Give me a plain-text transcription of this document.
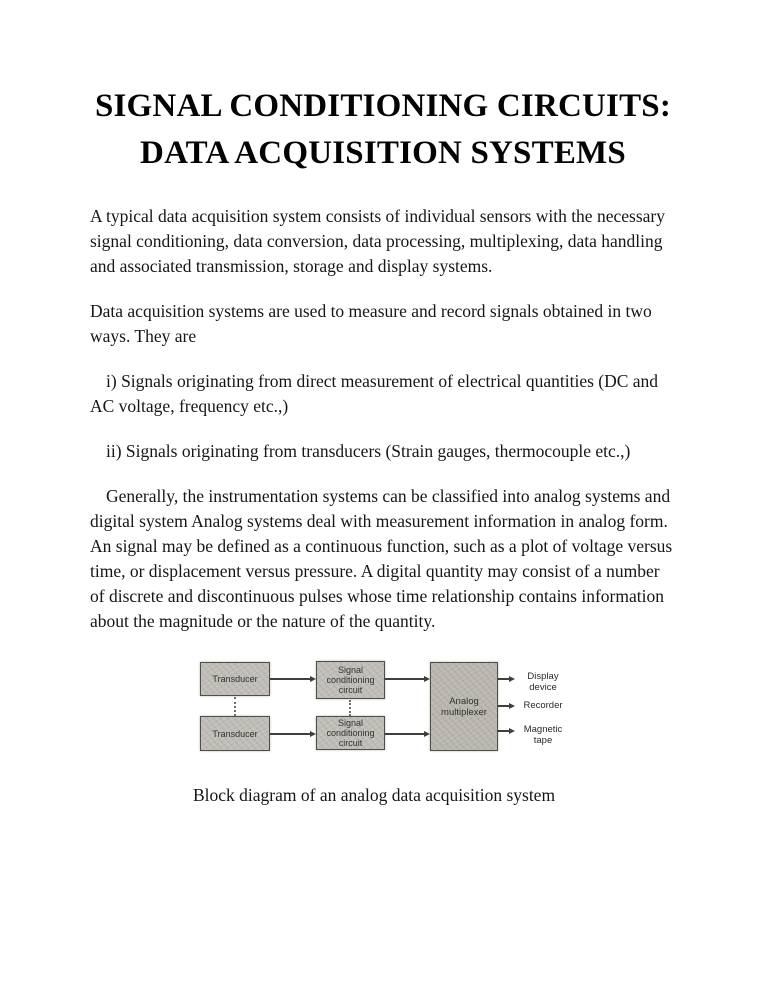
SIGNAL CONDITIONING CIRCUITS:
DATA ACQUISITION SYSTEMS

A typical data acquisition system consists of individual sensors with the necessary signal conditioning, data conversion, data processing, multiplexing, data handling and associated transmission, storage and display systems.

Data acquisition systems are used to measure and record signals obtained in two ways. They are

i) Signals originating from direct measurement of electrical quantities (DC and AC voltage, frequency etc.,)

ii) Signals originating from transducers (Strain gauges, thermocouple etc.,)

Generally, the instrumentation systems can be classified into analog systems and digital system Analog systems deal with measurement information in analog form. An signal may be defined as a continuous function, such as a plot of voltage versus time, or displacement versus pressure. A digital quantity may consist of a number of discrete and discontinuous pulses whose time relationship contains information about the magnitude or the nature of the quantity.

Transducer
Transducer
Signal conditioning circuit
Signal conditioning circuit
Analog multiplexer
Display device
Recorder
Magnetic tape
Block diagram of an analog data acquisition system
